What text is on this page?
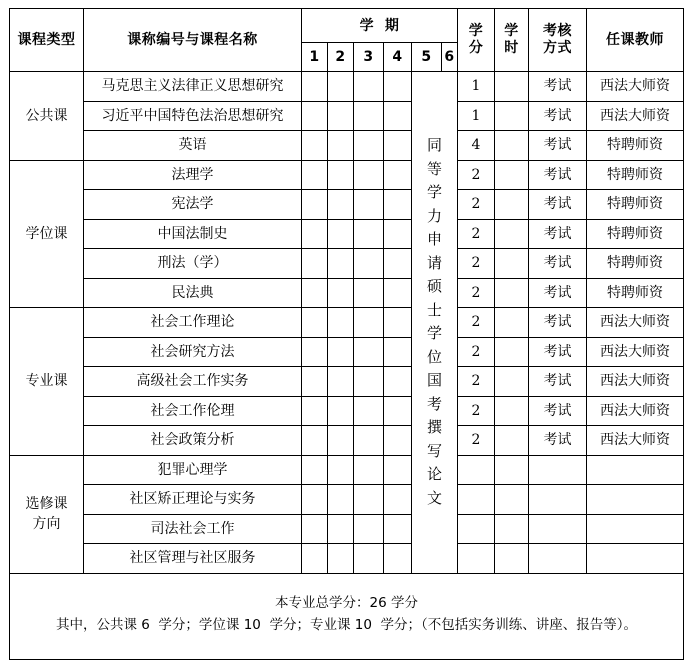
课程类型	课称编号与课程名称	学  期						学分	学时	考核方式	任课教师
		1	2	3	4	5	6				
公共课	马克思主义法律正义思想研究					同等学力申请硕士学位国考 撰写论文		1		考试	西法大师资
	习近平中国特色法治思想研究							1		考试	西法大师资
	英语							4		考试	特聘师资
学位课	法理学							2		考试	特聘师资
	宪法学							2		考试	特聘师资
	中国法制史							2		考试	特聘师资
	刑法（学）							2		考试	特聘师资
	民法典							2		考试	特聘师资
专业课	社会工作理论							2		考试	西法大师资
	社会研究方法							2		考试	西法大师资
	高级社会工作实务							2		考试	西法大师资
	社会工作伦理							2		考试	西法大师资
	社会政策分析							2		考试	西法大师资
选修课方向	犯罪心理学										
	社区矫正理论与实务										
	司法社会工作										
	社区管理与社区服务										

本专业总学分：26 学分
其中，公共课 6  学分；学位课 10  学分；专业课 10  学分；（不包括实务训练、讲座、报告等）。											
